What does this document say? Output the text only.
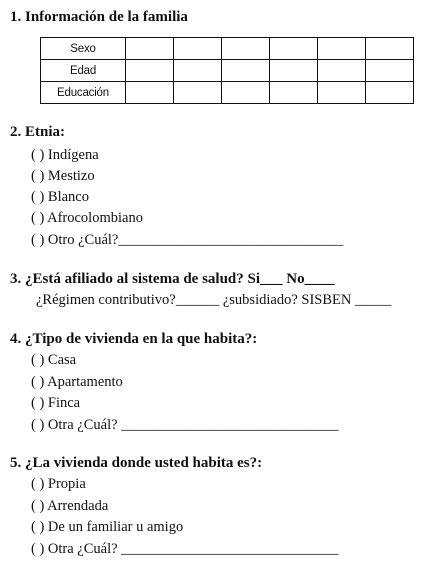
1. Información de la familia
Sexo						
Edad						
Educación						
2. Etnia:
( ) Indígena
( ) Mestizo
( ) Blanco
( ) Afrocolombiano
( ) Otro ¿Cuál?_______________________________
3. ¿Está afiliado al sistema de salud? Si___ No____
¿Régimen contributivo?______ ¿subsidiado? SISBEN _____
4. ¿Tipo de vivienda en la que habita?:
( ) Casa
( ) Apartamento
( ) Finca
( ) Otra ¿Cuál? ______________________________
5. ¿La vivienda donde usted habita es?:
( ) Propia
( ) Arrendada
( ) De un familiar u amigo
( ) Otra ¿Cuál? ______________________________
